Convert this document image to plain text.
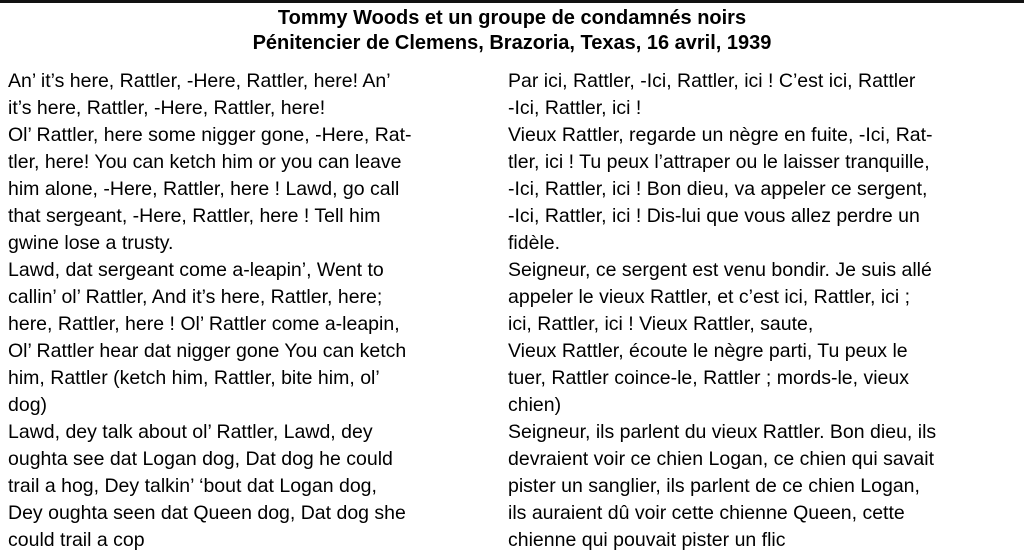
Tommy Woods et un groupe de condamnés noirs
Pénitencier de Clemens, Brazoria, Texas, 16 avril, 1939
An’ it’s here, Rattler, -Here, Rattler, here! An’
it’s here, Rattler, -Here, Rattler, here!
Ol’ Rattler, here some nigger gone, -Here, Rat-
tler, here! You can ketch him or you can leave
him alone, -Here, Rattler, here ! Lawd, go call
that sergeant, -Here, Rattler, here ! Tell him
gwine lose a trusty.
Lawd, dat sergeant come a-leapin’, Went to
callin’ ol’ Rattler, And it’s here, Rattler, here;
here, Rattler, here ! Ol’ Rattler come a-leapin,
Ol’ Rattler hear dat nigger gone You can ketch
him, Rattler (ketch him, Rattler, bite him, ol’
dog)
Lawd, dey talk about ol’ Rattler, Lawd, dey
oughta see dat Logan dog, Dat dog he could
trail a hog, Dey talkin’ ‘bout dat Logan dog,
Dey oughta seen dat Queen dog, Dat dog she
could trail a cop
Par ici, Rattler, -Ici, Rattler, ici ! C’est ici, Rattler
-Ici, Rattler, ici !
Vieux Rattler, regarde un nègre en fuite, -Ici, Rat-
tler, ici ! Tu peux l’attraper ou le laisser tranquille,
-Ici, Rattler, ici ! Bon dieu, va appeler ce sergent,
-Ici, Rattler, ici ! Dis-lui que vous allez perdre un
fidèle.
Seigneur, ce sergent est venu bondir. Je suis allé
appeler le vieux Rattler, et c’est ici, Rattler, ici ;
ici, Rattler, ici ! Vieux Rattler, saute,
Vieux Rattler, écoute le nègre parti, Tu peux le
tuer, Rattler coince-le, Rattler ; mords-le, vieux
chien)
Seigneur, ils parlent du vieux Rattler. Bon dieu, ils
devraient voir ce chien Logan, ce chien qui savait
pister un sanglier, ils parlent de ce chien Logan,
ils auraient dû voir cette chienne Queen, cette
chienne qui pouvait pister un flic
